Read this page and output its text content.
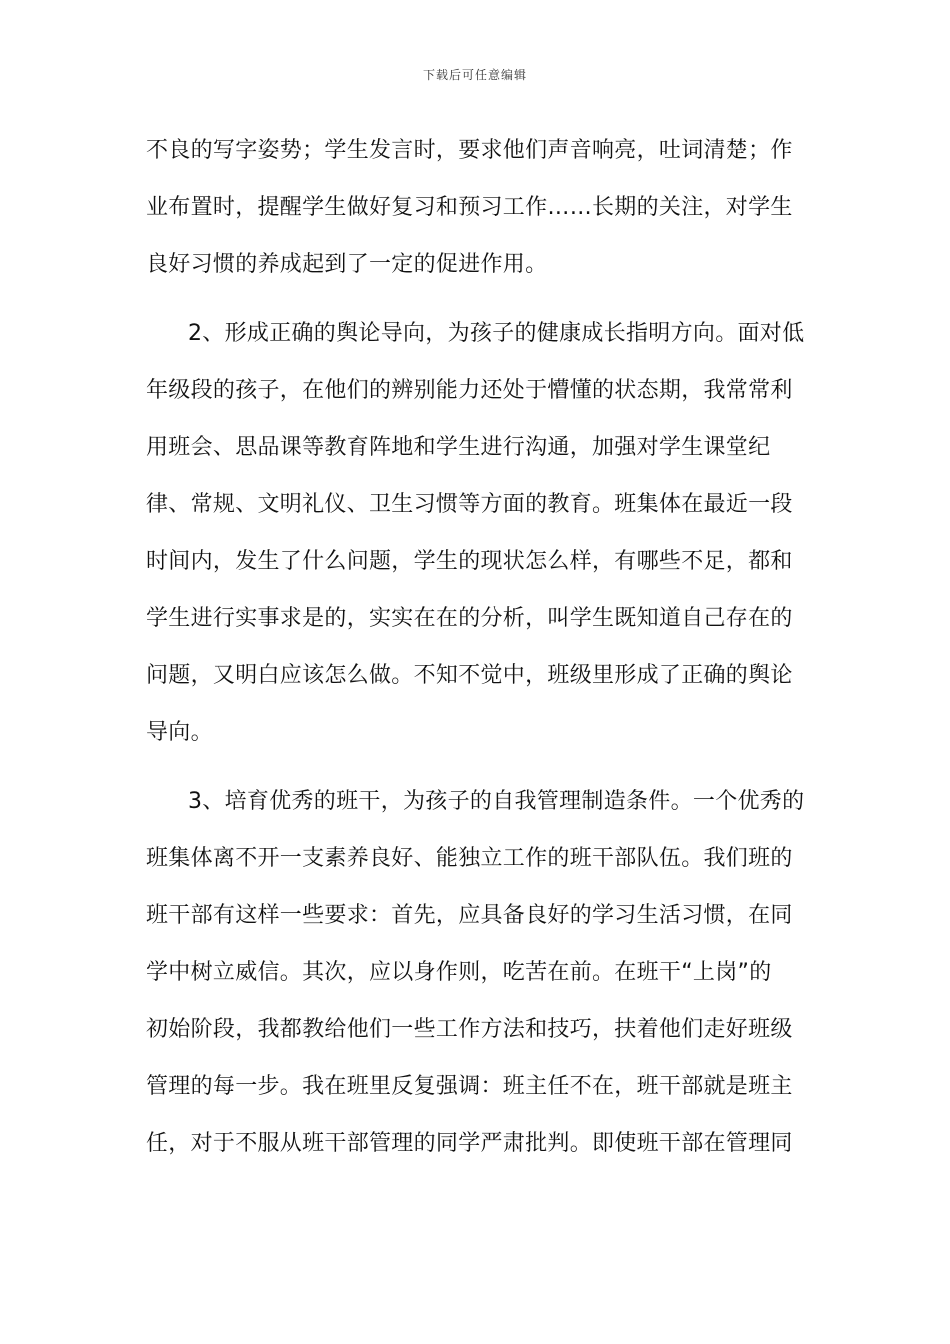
下载后可任意编辑
不良的写字姿势；学生发言时，要求他们声音响亮，吐词清楚；作
业布置时，提醒学生做好复习和预习工作……长期的关注，对学生
良好习惯的养成起到了一定的促进作用。
2、形成正确的舆论导向，为孩子的健康成长指明方向。面对低
年级段的孩子，在他们的辨别能力还处于懵懂的状态期，我常常利
用班会、思品课等教育阵地和学生进行沟通，加强对学生课堂纪
律、常规、文明礼仪、卫生习惯等方面的教育。班集体在最近一段
时间内，发生了什么问题，学生的现状怎么样，有哪些不足，都和
学生进行实事求是的，实实在在的分析，叫学生既知道自己存在的
问题，又明白应该怎么做。不知不觉中，班级里形成了正确的舆论
导向。
3、培育优秀的班干，为孩子的自我管理制造条件。一个优秀的
班集体离不开一支素养良好、能独立工作的班干部队伍。我们班的
班干部有这样一些要求：首先，应具备良好的学习生活习惯，在同
学中树立威信。其次，应以身作则，吃苦在前。在班干“上岗”的
初始阶段，我都教给他们一些工作方法和技巧，扶着他们走好班级
管理的每一步。我在班里反复强调：班主任不在，班干部就是班主
任，对于不服从班干部管理的同学严肃批判。即使班干部在管理同
